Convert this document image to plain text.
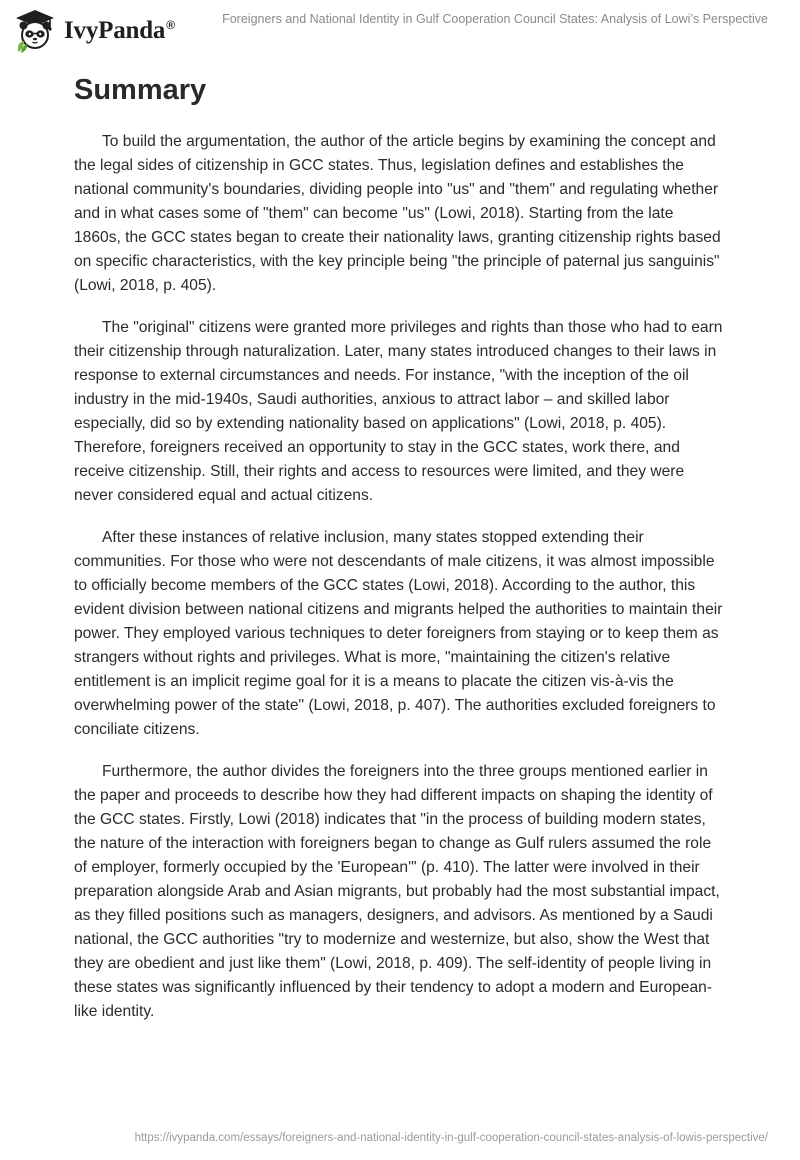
IvyPanda®	Foreigners and National Identity in Gulf Cooperation Council States: Analysis of Lowi’s Perspective
Summary

To build the argumentation, the author of the article begins by examining the concept and the legal sides of citizenship in GCC states. Thus, legislation defines and establishes the national community's boundaries, dividing people into "us" and "them" and regulating whether and in what cases some of "them" can become "us" (Lowi, 2018). Starting from the late 1860s, the GCC states began to create their nationality laws, granting citizenship rights based on specific characteristics, with the key principle being "the principle of paternal jus sanguinis" (Lowi, 2018, p. 405).

The "original" citizens were granted more privileges and rights than those who had to earn their citizenship through naturalization. Later, many states introduced changes to their laws in response to external circumstances and needs. For instance, "with the inception of the oil industry in the mid-1940s, Saudi authorities, anxious to attract labor – and skilled labor especially, did so by extending nationality based on applications" (Lowi, 2018, p. 405). Therefore, foreigners received an opportunity to stay in the GCC states, work there, and receive citizenship. Still, their rights and access to resources were limited, and they were never considered equal and actual citizens.

After these instances of relative inclusion, many states stopped extending their communities. For those who were not descendants of male citizens, it was almost impossible to officially become members of the GCC states (Lowi, 2018). According to the author, this evident division between national citizens and migrants helped the authorities to maintain their power. They employed various techniques to deter foreigners from staying or to keep them as strangers without rights and privileges. What is more, "maintaining the citizen's relative entitlement is an implicit regime goal for it is a means to placate the citizen vis-à-vis the overwhelming power of the state" (Lowi, 2018, p. 407). The authorities excluded foreigners to conciliate citizens.

Furthermore, the author divides the foreigners into the three groups mentioned earlier in the paper and proceeds to describe how they had different impacts on shaping the identity of the GCC states. Firstly, Lowi (2018) indicates that "in the process of building modern states, the nature of the interaction with foreigners began to change as Gulf rulers assumed the role of employer, formerly occupied by the 'European'" (p. 410). The latter were involved in their preparation alongside Arab and Asian migrants, but probably had the most substantial impact, as they filled positions such as managers, designers, and advisors. As mentioned by a Saudi national, the GCC authorities "try to modernize and westernize, but also, show the West that they are obedient and just like them" (Lowi, 2018, p. 409). The self-identity of people living in these states was significantly influenced by their tendency to adopt a modern and European-like identity.

https://ivypanda.com/essays/foreigners-and-national-identity-in-gulf-cooperation-council-states-analysis-of-lowis-perspective/
